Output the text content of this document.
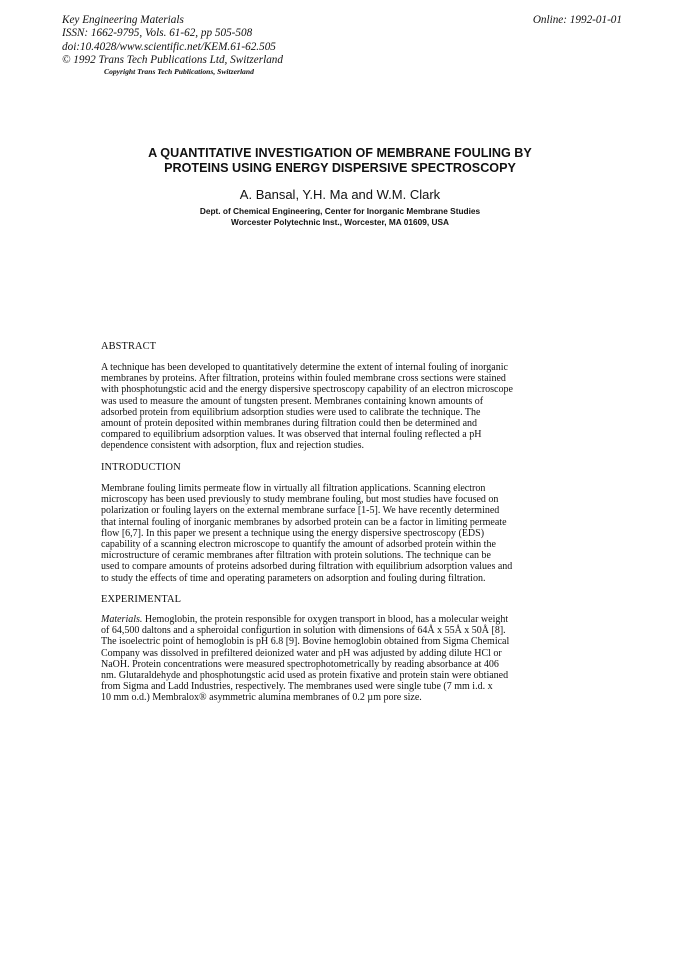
Key Engineering Materials
ISSN: 1662-9795, Vols. 61-62, pp 505-508
doi:10.4028/www.scientific.net/KEM.61-62.505
© 1992 Trans Tech Publications Ltd, Switzerland
Copyright Trans Tech Publications, Switzerland
Online: 1992-01-01
A QUANTITATIVE INVESTIGATION OF MEMBRANE FOULING BY
PROTEINS USING ENERGY DISPERSIVE SPECTROSCOPY
A. Bansal, Y.H. Ma and W.M. Clark
Dept. of Chemical Engineering, Center for Inorganic Membrane Studies
Worcester Polytechnic Inst., Worcester, MA 01609, USA
ABSTRACT
A technique has been developed to quantitatively determine the extent of internal fouling of inorganic
membranes by proteins. After filtration, proteins within fouled membrane cross sections were stained
with phosphotungstic acid and the energy dispersive spectroscopy capability of an electron microscope
was used to measure the amount of tungsten present. Membranes containing known amounts of
adsorbed protein from equilibrium adsorption studies were used to calibrate the technique. The
amount of protein deposited within membranes during filtration could then be determined and
compared to equilibrium adsorption values. It was observed that internal fouling reflected a pH
dependence consistent with adsorption, flux and rejection studies.
INTRODUCTION
Membrane fouling limits permeate flow in virtually all filtration applications. Scanning electron
microscopy has been used previously to study membrane fouling, but most studies have focused on
polarization or fouling layers on the external membrane surface [1-5]. We have recently determined
that internal fouling of inorganic membranes by adsorbed protein can be a factor in limiting permeate
flow [6,7]. In this paper we present a technique using the energy dispersive spectroscopy (EDS)
capability of a scanning electron microscope to quantify the amount of adsorbed protein within the
microstructure of ceramic membranes after filtration with protein solutions. The technique can be
used to compare amounts of proteins adsorbed during filtration with equilibrium adsorption values and
to study the effects of time and operating parameters on adsorption and fouling during filtration.
EXPERIMENTAL
Materials. Hemoglobin, the protein responsible for oxygen transport in blood, has a molecular weight
of 64,500 daltons and a spheroidal configurtion in solution with dimensions of 64Å x 55Å x 50Å [8].
The isoelectric point of hemoglobin is pH 6.8 [9]. Bovine hemoglobin obtained from Sigma Chemical
Company was dissolved in prefiltered deionized water and pH was adjusted by adding dilute HCl or
NaOH. Protein concentrations were measured spectrophotometrically by reading absorbance at 406
nm. Glutaraldehyde and phosphotungstic acid used as protein fixative and protein stain were obtianed
from Sigma and Ladd Industries, respectively. The membranes used were single tube (7 mm i.d. x
10 mm o.d.) Membralox® asymmetric alumina membranes of 0.2 µm pore size.
